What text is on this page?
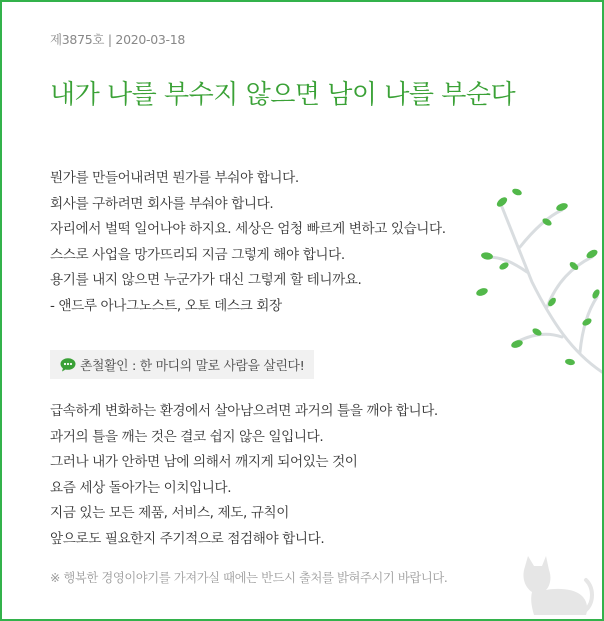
제3875호 | 2020-03-18
내가 나를 부수지 않으면 남이 나를 부순다
뭔가를 만들어내려면 뭔가를 부숴야 합니다.
회사를 구하려면 회사를 부숴야 합니다.
자리에서 벌떡 일어나야 하지요. 세상은 엄청 빠르게 변하고 있습니다.
스스로 사업을 망가뜨리되 지금 그렇게 해야 합니다.
용기를 내지 않으면 누군가가 대신 그렇게 할 테니까요.
- 앤드루 아나그노스트, 오토 데스크 회장
촌철활인 : 한 마디의 말로 사람을 살린다!
급속하게 변화하는 환경에서 살아남으려면 과거의 틀을 깨야 합니다.
과거의 틀을 깨는 것은 결코 쉽지 않은 일입니다.
그러나 내가 안하면 남에 의해서 깨지게 되어있는 것이
요즘 세상 돌아가는 이치입니다.
지금 있는 모든 제품, 서비스, 제도, 규칙이
앞으로도 필요한지 주기적으로 점검해야 합니다.
※ 행복한 경영이야기를 가져가실 때에는 반드시 출처를 밝혀주시기 바랍니다.
